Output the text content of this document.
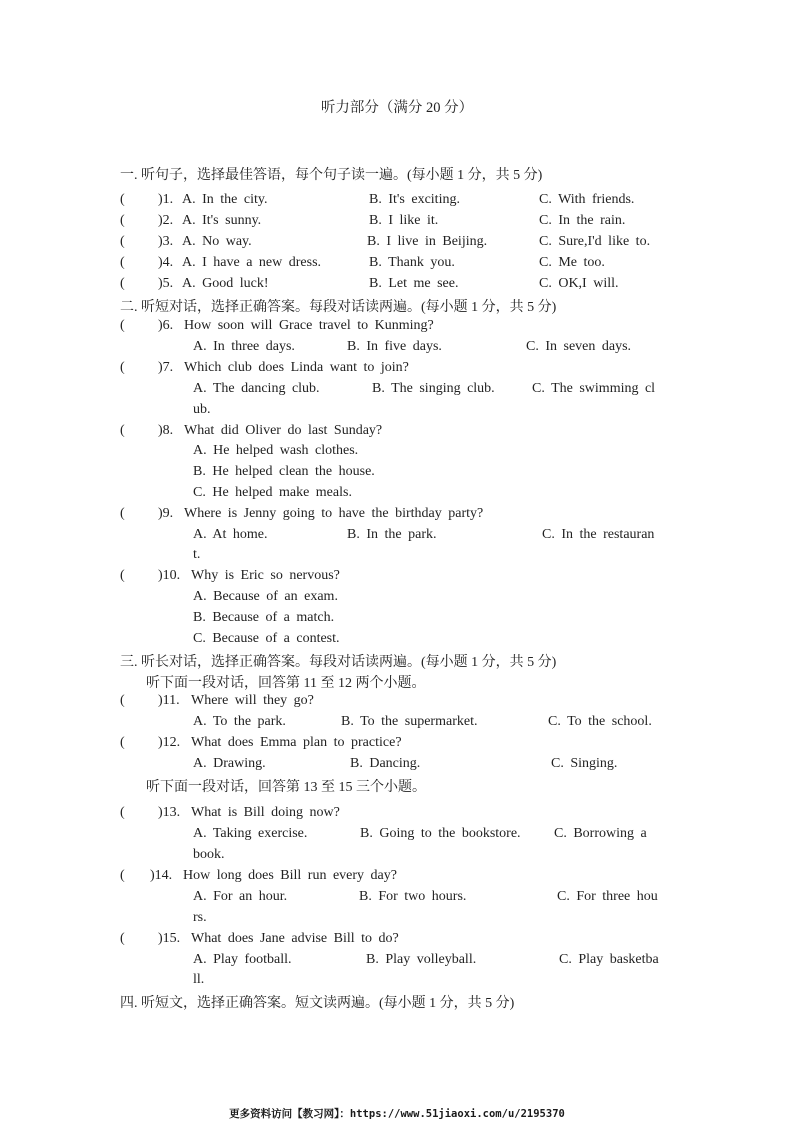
听力部分（满分 20 分）
一. 听句子，选择最佳答语，每个句子读一遍。(每小题 1 分，共 5 分)
( )1. A. In the city.	B. It's exciting.	C. With friends.
( )2. A. It's sunny.	B. I like it.	C. In the rain.
( )3. A. No way.	B. I live in Beijing.	C. Sure,I'd like to.
( )4. A. I have a new dress.	B. Thank you.	C. Me too.
( )5. A. Good luck!	B. Let me see.	C. OK,I will.
二. 听短对话，选择正确答案。每段对话读两遍。(每小题 1 分，共 5 分)
( )6. How soon will Grace travel to Kunming?
A. In three days.	B. In five days.	C. In seven days.
( )7. Which club does Linda want to join?
A. The dancing club.	B. The singing club.	C. The swimming cl
ub.
( )8. What did Oliver do last Sunday?
A. He helped wash clothes.
B. He helped clean the house.
C. He helped make meals.
( )9. Where is Jenny going to have the birthday party?
A. At home.	B. In the park.	C. In the restauran
t.
( )10. Why is Eric so nervous?
A. Because of an exam.
B. Because of a match.
C. Because of a contest.
三. 听长对话，选择正确答案。每段对话读两遍。(每小题 1 分，共 5 分)
听下面一段对话，回答第 11 至 12 两个小题。
( )11. Where will they go?
A. To the park.	B. To the supermarket.	C. To the school.
( )12. What does Emma plan to practice?
A. Drawing.	B. Dancing.	C. Singing.
听下面一段对话，回答第 13 至 15 三个小题。
( )13. What is Bill doing now?
A. Taking exercise.	B. Going to the bookstore. C. Borrowing a
book.
( )14. How long does Bill run every day?
A. For an hour.	B. For two hours.	C. For three hou
rs.
( )15. What does Jane advise Bill to do?
A. Play football.	B. Play volleyball.	C. Play basketba
ll.
四. 听短文，选择正确答案。短文读两遍。(每小题 1 分，共 5 分)
更多资料访问【教习网】：https://www.51jiaoxi.com/u/2195370
